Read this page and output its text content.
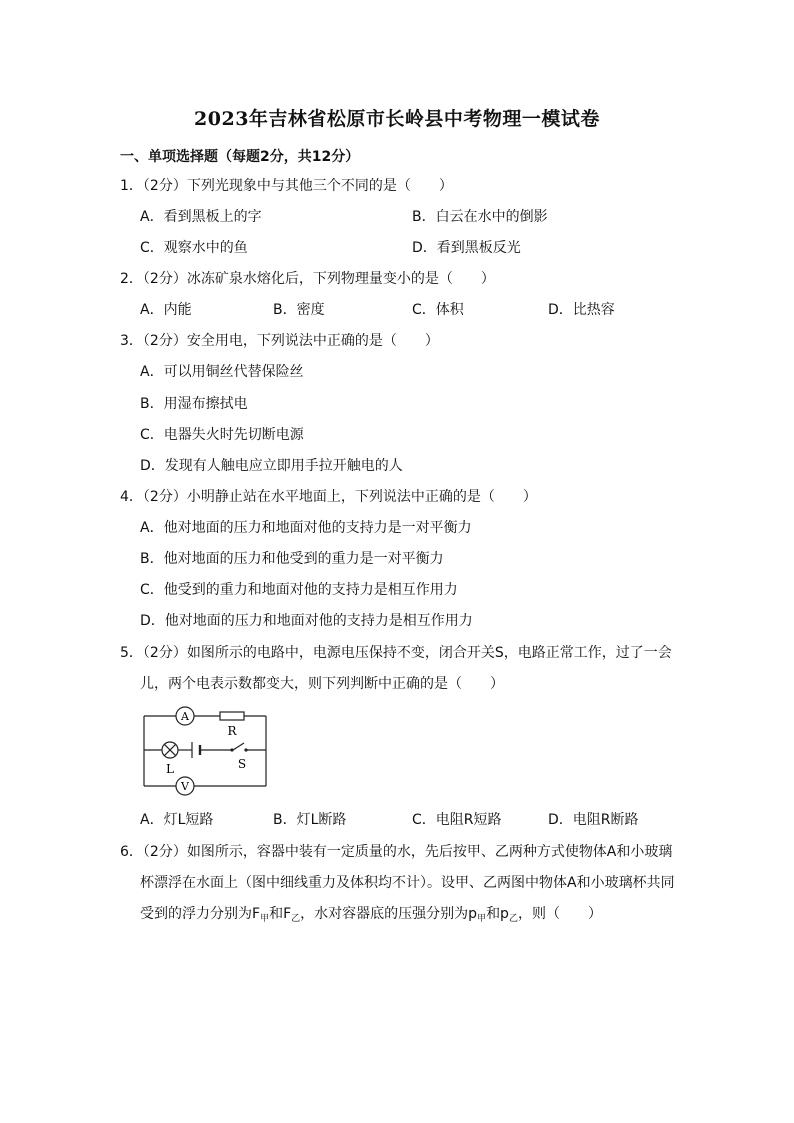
2023年吉林省松原市长岭县中考物理一模试卷
一、单项选择题（每题2分，共12分）
1．（2分）下列光现象中与其他三个不同的是（　　）
A．看到黑板上的字	B．白云在水中的倒影
C．观察水中的鱼	D．看到黑板反光
2．（2分）冰冻矿泉水熔化后，下列物理量变小的是（　　）
A．内能	B．密度	C．体积	D．比热容
3．（2分）安全用电，下列说法中正确的是（　　）
A．可以用铜丝代替保险丝
B．用湿布擦拭电
C．电器失火时先切断电源
D．发现有人触电应立即用手拉开触电的人
4．（2分）小明静止站在水平地面上，下列说法中正确的是（　　）
A．他对地面的压力和地面对他的支持力是一对平衡力
B．他对地面的压力和他受到的重力是一对平衡力
C．他受到的重力和地面对他的支持力是相互作用力
D．他对地面的压力和地面对他的支持力是相互作用力
5．（2分）如图所示的电路中，电源电压保持不变，闭合开关S，电路正常工作，过了一会
儿，两个电表示数都变大，则下列判断中正确的是（　　）
A
R
L	S
V
A．灯L短路	B．灯L断路	C．电阻R短路	D．电阻R断路
6．（2分）如图所示，容器中装有一定质量的水，先后按甲、乙两种方式使物体A和小玻璃
杯漂浮在水面上（图中细线重力及体积均不计）。设甲、乙两图中物体A和小玻璃杯共同
受到的浮力分别为$F_甲$和$F_乙$，水对容器底的压强分别为$p_甲$和$p_乙$，则（　　）
